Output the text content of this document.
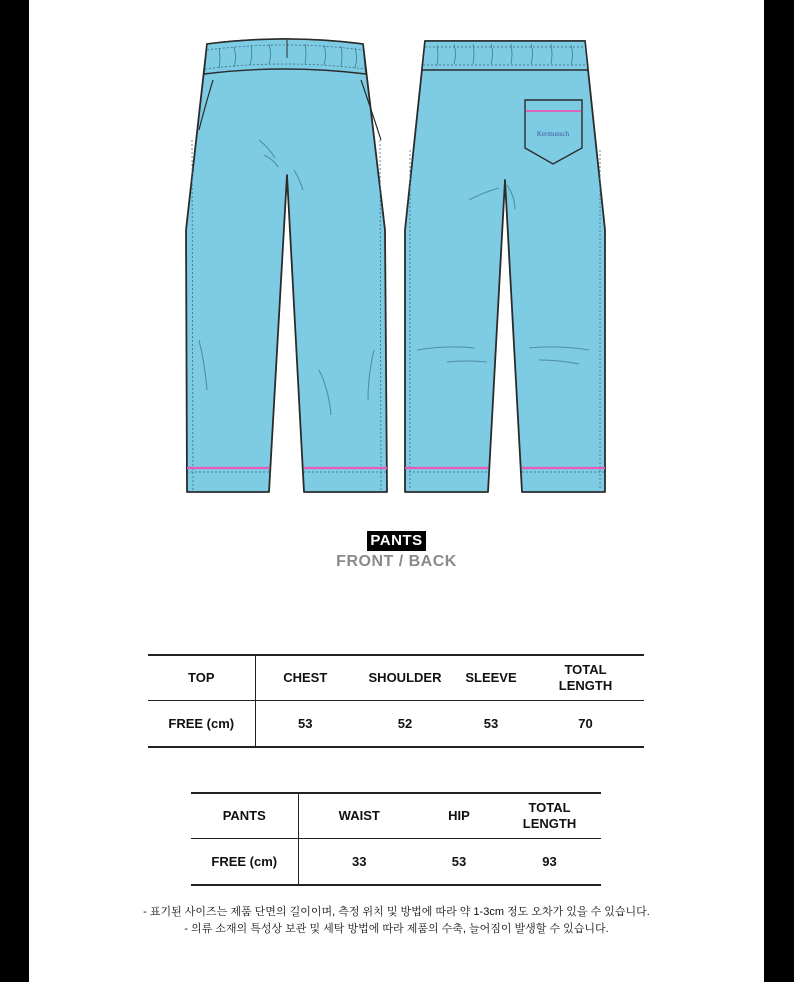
Kermunsch
PANTS
FRONT / BACK
TOP	CHEST	SHOULDER	SLEEVE	TOTAL
LENGTH
FREE (cm)	53	52	53	70
PANTS	WAIST	HIP	TOTAL
LENGTH
FREE (cm)	33	53	93
- 표기된 사이즈는 제품 단면의 길이이며, 측정 위치 및 방법에 따라 약 1-3cm 정도 오차가 있을 수 있습니다.
- 의류 소재의 특성상 보관 및 세탁 방법에 따라 제품의 수축, 늘어짐이 발생할 수 있습니다.
